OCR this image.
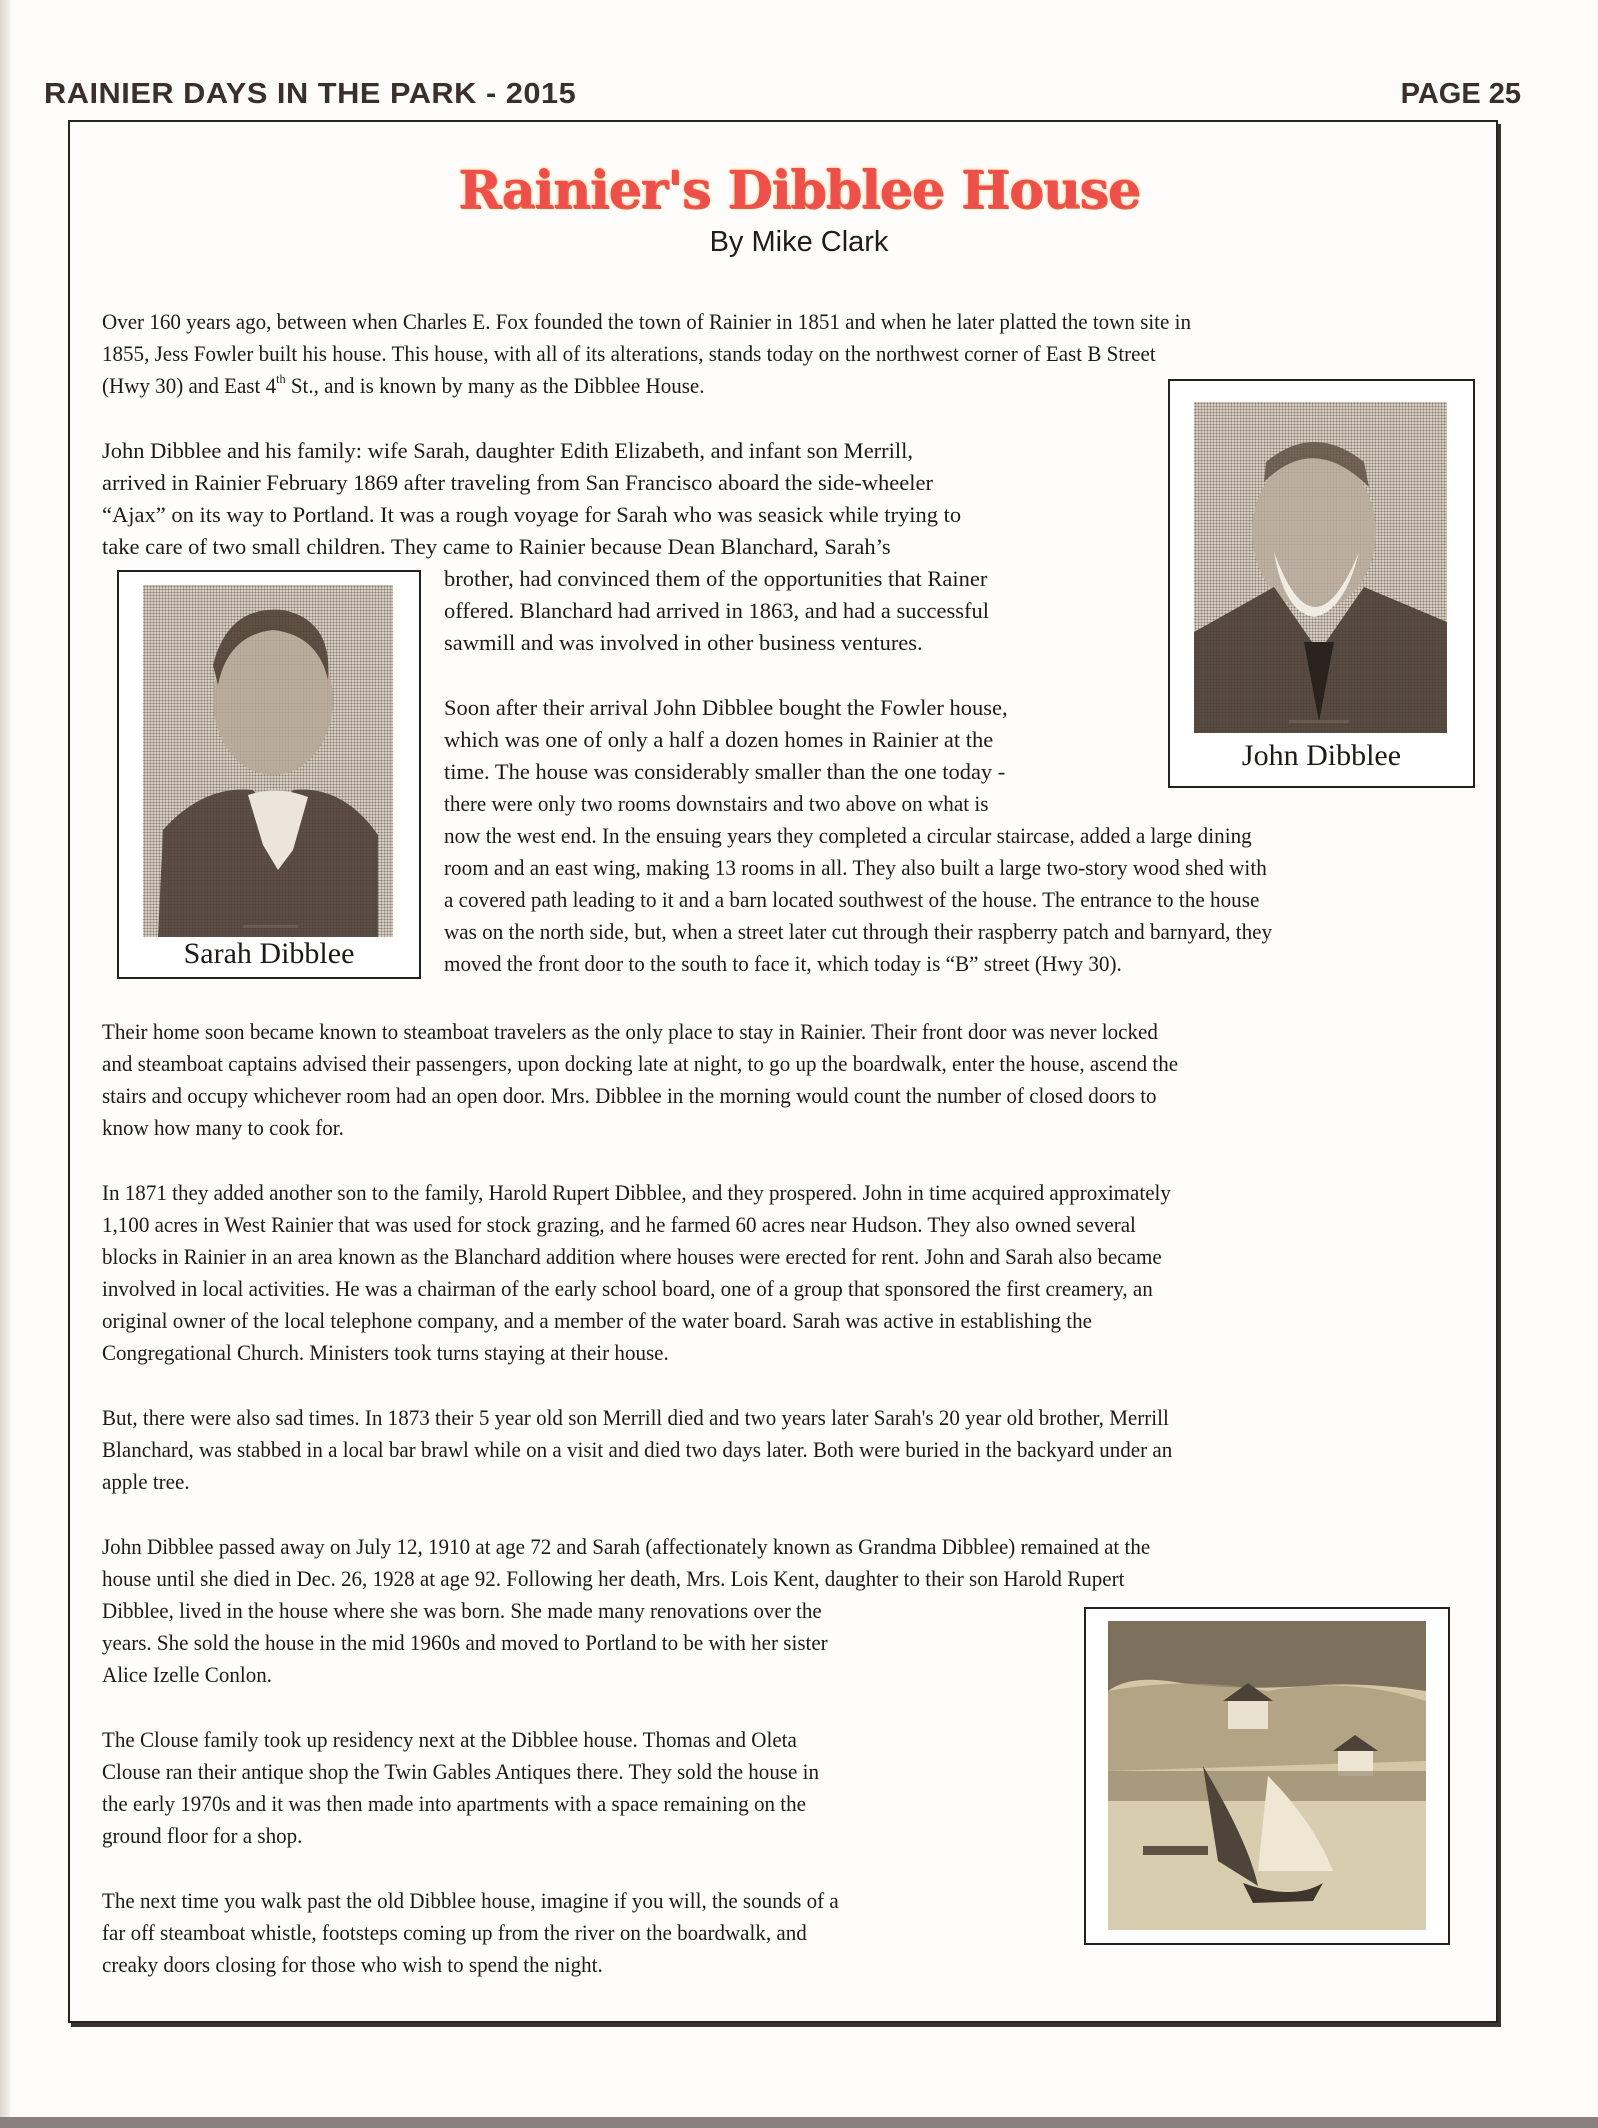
RAINIER DAYS IN THE PARK - 2015	PAGE 25
Rainier's Dibblee House
By Mike Clark
Over 160 years ago, between when Charles E. Fox founded the town of Rainier in 1851 and when he later platted the town site in
1855, Jess Fowler built his house. This house, with all of its alterations, stands today on the northwest corner of East B Street
(Hwy 30) and East 4th St., and is known by many as the Dibblee House.
John Dibblee and his family: wife Sarah, daughter Edith Elizabeth, and infant son Merrill,
arrived in Rainier February 1869 after traveling from San Francisco aboard the side-wheeler
“Ajax” on its way to Portland. It was a rough voyage for Sarah who was seasick while trying to
take care of two small children. They came to Rainier because Dean Blanchard, Sarah’s
brother, had convinced them of the opportunities that Rainer
offered. Blanchard had arrived in 1863, and had a successful
sawmill and was involved in other business ventures.
Soon after their arrival John Dibblee bought the Fowler house,
which was one of only a half a dozen homes in Rainier at the
time. The house was considerably smaller than the one today -
there were only two rooms downstairs and two above on what is
now the west end. In the ensuing years they completed a circular staircase, added a large dining
room and an east wing, making 13 rooms in all. They also built a large two-story wood shed with
a covered path leading to it and a barn located southwest of the house. The entrance to the house
was on the north side, but, when a street later cut through their raspberry patch and barnyard, they
moved the front door to the south to face it, which today is “B” street (Hwy 30).
Their home soon became known to steamboat travelers as the only place to stay in Rainier. Their front door was never locked
and steamboat captains advised their passengers, upon docking late at night, to go up the boardwalk, enter the house, ascend the
stairs and occupy whichever room had an open door. Mrs. Dibblee in the morning would count the number of closed doors to
know how many to cook for.
In 1871 they added another son to the family, Harold Rupert Dibblee, and they prospered. John in time acquired approximately
1,100 acres in West Rainier that was used for stock grazing, and he farmed 60 acres near Hudson. They also owned several
blocks in Rainier in an area known as the Blanchard addition where houses were erected for rent. John and Sarah also became
involved in local activities. He was a chairman of the early school board, one of a group that sponsored the first creamery, an
original owner of the local telephone company, and a member of the water board. Sarah was active in establishing the
Congregational Church. Ministers took turns staying at their house.
But, there were also sad times. In 1873 their 5 year old son Merrill died and two years later Sarah's 20 year old brother, Merrill
Blanchard, was stabbed in a local bar brawl while on a visit and died two days later. Both were buried in the backyard under an
apple tree.
John Dibblee passed away on July 12, 1910 at age 72 and Sarah (affectionately known as Grandma Dibblee) remained at the
house until she died in Dec. 26, 1928 at age 92. Following her death, Mrs. Lois Kent, daughter to their son Harold Rupert
Dibblee, lived in the house where she was born. She made many renovations over the
years. She sold the house in the mid 1960s and moved to Portland to be with her sister
Alice Izelle Conlon.
The Clouse family took up residency next at the Dibblee house. Thomas and Oleta
Clouse ran their antique shop the Twin Gables Antiques there. They sold the house in
the early 1970s and it was then made into apartments with a space remaining on the
ground floor for a shop.
The next time you walk past the old Dibblee house, imagine if you will, the sounds of a
far off steamboat whistle, footsteps coming up from the river on the boardwalk, and
creaky doors closing for those who wish to spend the night.
John Dibblee
Sarah Dibblee
